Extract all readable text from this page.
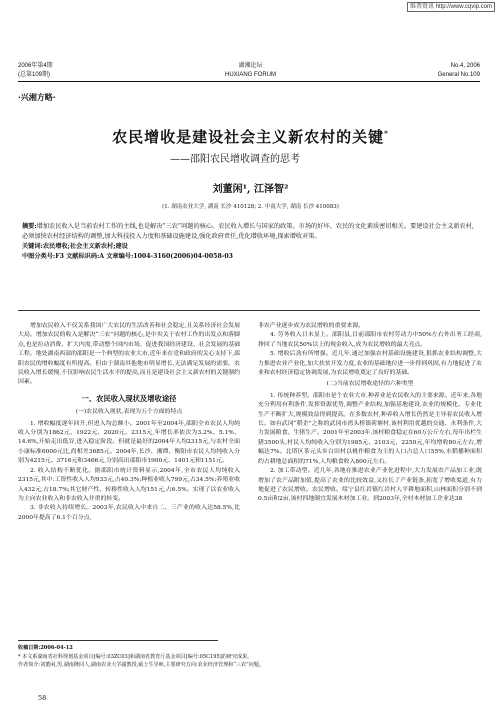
维普资讯 http://www.cqvip.com
2006年第4期
(总第109期)
湖湘论坛
HUXIANG FORUM
No.4, 2006
General No.109
·兴湘方略·
农民增收是建设社会主义新农村的关键*
——邵阳农民增收调查的思考
刘董闲¹, 江泽智²
(1. 湖南农业大学, 湖南 长沙 410128; 2. 中南大学, 湖南 长沙 410083)
摘要:增加农民收入是当前农村工作的主线,也是解决“三农”问题的核心。农民收入增长与国家的政策、市场的好坏、农民的文化素质密切相关。要建设社会主义新农村,必须加快农村经济结构的调整,加大科技投入力度和基础设施建设,强化政府责任,优化增收环境,探索增收对策。
关键词:农民增收;社会主义新农村;建设
中图分类号:F3 文献标识码:A 文章编号:1004-3160(2006)04-0058-03

增加农民收入不仅关系我国广大农民的生活改善和社会稳定,且关系经济社会发展大局。增加农民的收入是解决“三农”问题的核心,是中央关于农村工作的出发点和落脚点,也是拉动消费、扩大内需,带动整个国内市场、促进我国经济建设、社会发展的基础工程。地处湖南西部的邵阳是一个典型的农业大市,近年来在党和政府的关心支持下,邵阳农民的增收幅度有所提高。但由于湖南其他地市明显增长,无法满足发展的需要。农民收入增长缓慢,不仅影响农民生活水平的提高,而且是建设社会主义新农村的关键制约因素。

一、农民收入现状及增收途径

(一)农民收入现状,表现为五个方面的特点

1. 增收幅度逐年回升,但进入均总额小。2001年至2004年,邵阳全市农民人均纯收入分别为1862元、1922元、2020元、2315元,年增长率依次为3.2%、5.1%、14.6%,开始走出低谷,进入稳定阶段。但就是最好的2004年人均2315元,与农村全面小康标准6000元比,尚相差3685元。2004年,长沙、湘潭、衡阳市农民人均纯收入分别为4215元、3716元和3466元,分别高出邵阳市1900元、1401元和1151元。

2. 收入结构不断优化。据邵阳市统计资料显示,2004年,全市农民人均纯收入2315元,其中:工资性收入人均933元,占40.3%;种植业收入799元,占34.5%;养殖业收入432元,占18.7%;其它财产性、转移性收入人均151元,占6.5%。实现了以农业收入为主向农业收入和非农收入并重的转变。

3. 非农收入持续增长。2003年,农民收入中来自二、三产业的收入达58.5%,比2000年提高了6.1个百分点,

非农产业逐步成为农民增收的重要来源。

4. 劳务收入日末显上。邵阳县,目前邵阳市农村劳动力中50%左右外出务工经商,挣回了当地农民50%以上的现金收入,成为农民增收的最大亮点。

5. 增收后劲有所增强。近几年,通过加强农村基础设施建设,狠抓农业结构调整,大力推进农业产业化,加大扶贫开发力度,农业的基础地位进一步得到巩固,有力地促进了农业和农村经济稳定协调发展,为农民增收奠定了良好的基础。

(二)当前农民增收途径的六种类型

1. 传统种养型。邵阳市是个农业大市,种养业是农民收入的主要来源。近年来,各地充分利用有利条件,发挥资源优势,调整产业结构,加强基地建设,农业的规模化、专业化生产不断扩大,规模效益得到提高。在多数农村,种养收入增长仍然是主导着农民收入增长。如有武冈“稻企”之称的武冈市湾头桥镇荷塘村,该村利用优越的交通、水利条件,大力发展粮食、生猪生产。2001年至2003年,该村粮食稳定在60万公斤左右,每年出栏生猪3500头,村民人均纯收入分别为1985元、2103元、2250元,年均增收80元左右,增幅达7%。北塔区茶元头乡白田村以桃作粮食为主的人口占总人口55%,水稻播种面积约占耕地总面积的71%,人均粮食收入800元左右。

2. 加工带动型。近几年,各地在推进农业产业化进程中,大力发展农产品加工业,既增加了农产品附加值,提高了农业的比较效益,又拉长了产业链条,拓宽了增收渠道,有力地促进了农民增收。农民增收。绥宁县红岩镇红岩村人平耕地面积,山林面积分别不到0.5亩和2亩,该村四地制宜发展木材加工业。到2003年,全村木材加工企业达38

收稿日期:2006-04-12
* 本文系湖南省社科规划基金项目[编号:03ZC03]和湖南省教育厅基金项目[编号:05C195]的研究成果。
作者简介:刘董闲,男,湖南隆回人,湖南农业大学副教授,硕士生导师,主要研究方向:农业经济管理和“三农”问题。
58
